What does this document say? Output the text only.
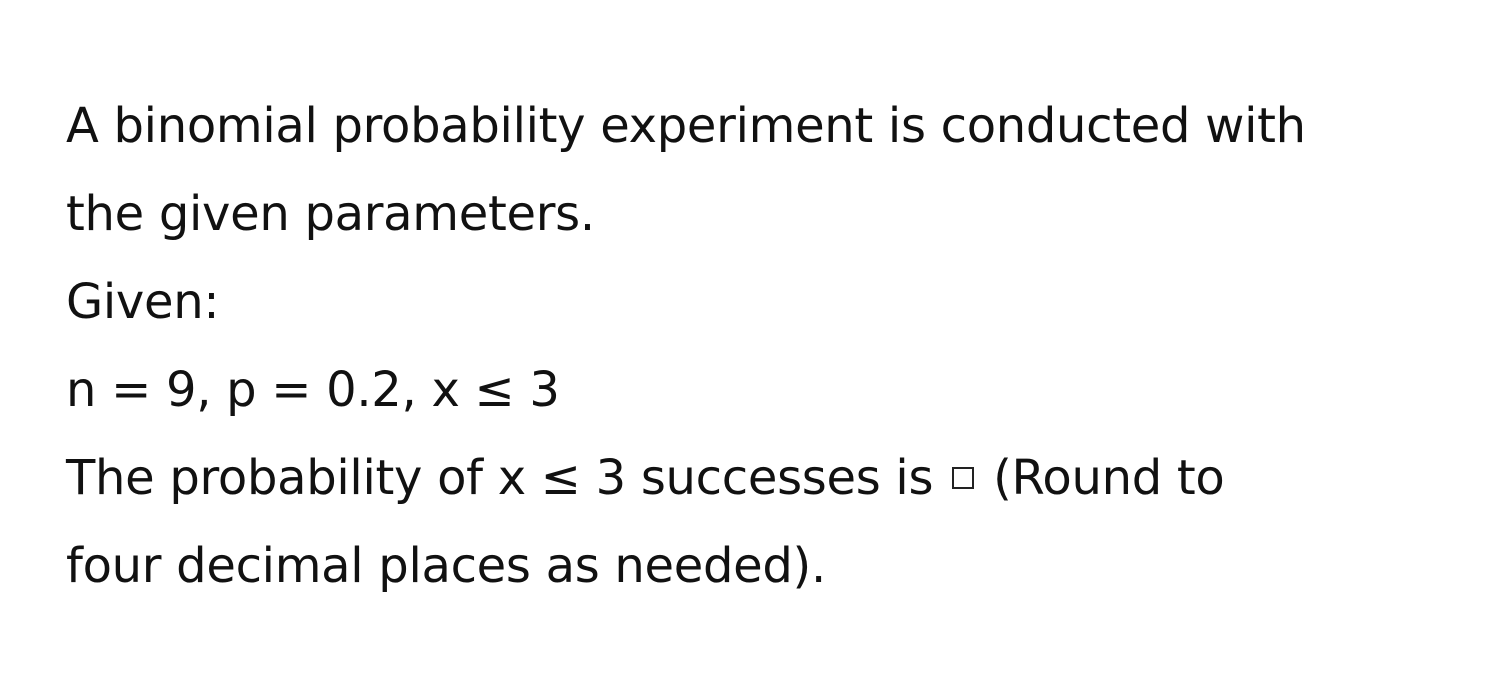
A binomial probability experiment is conducted with
the given parameters.
Given:
n = 9, p = 0.2, x ≤ 3
The probability of x ≤ 3 successes is (Round to
four decimal places as needed).
